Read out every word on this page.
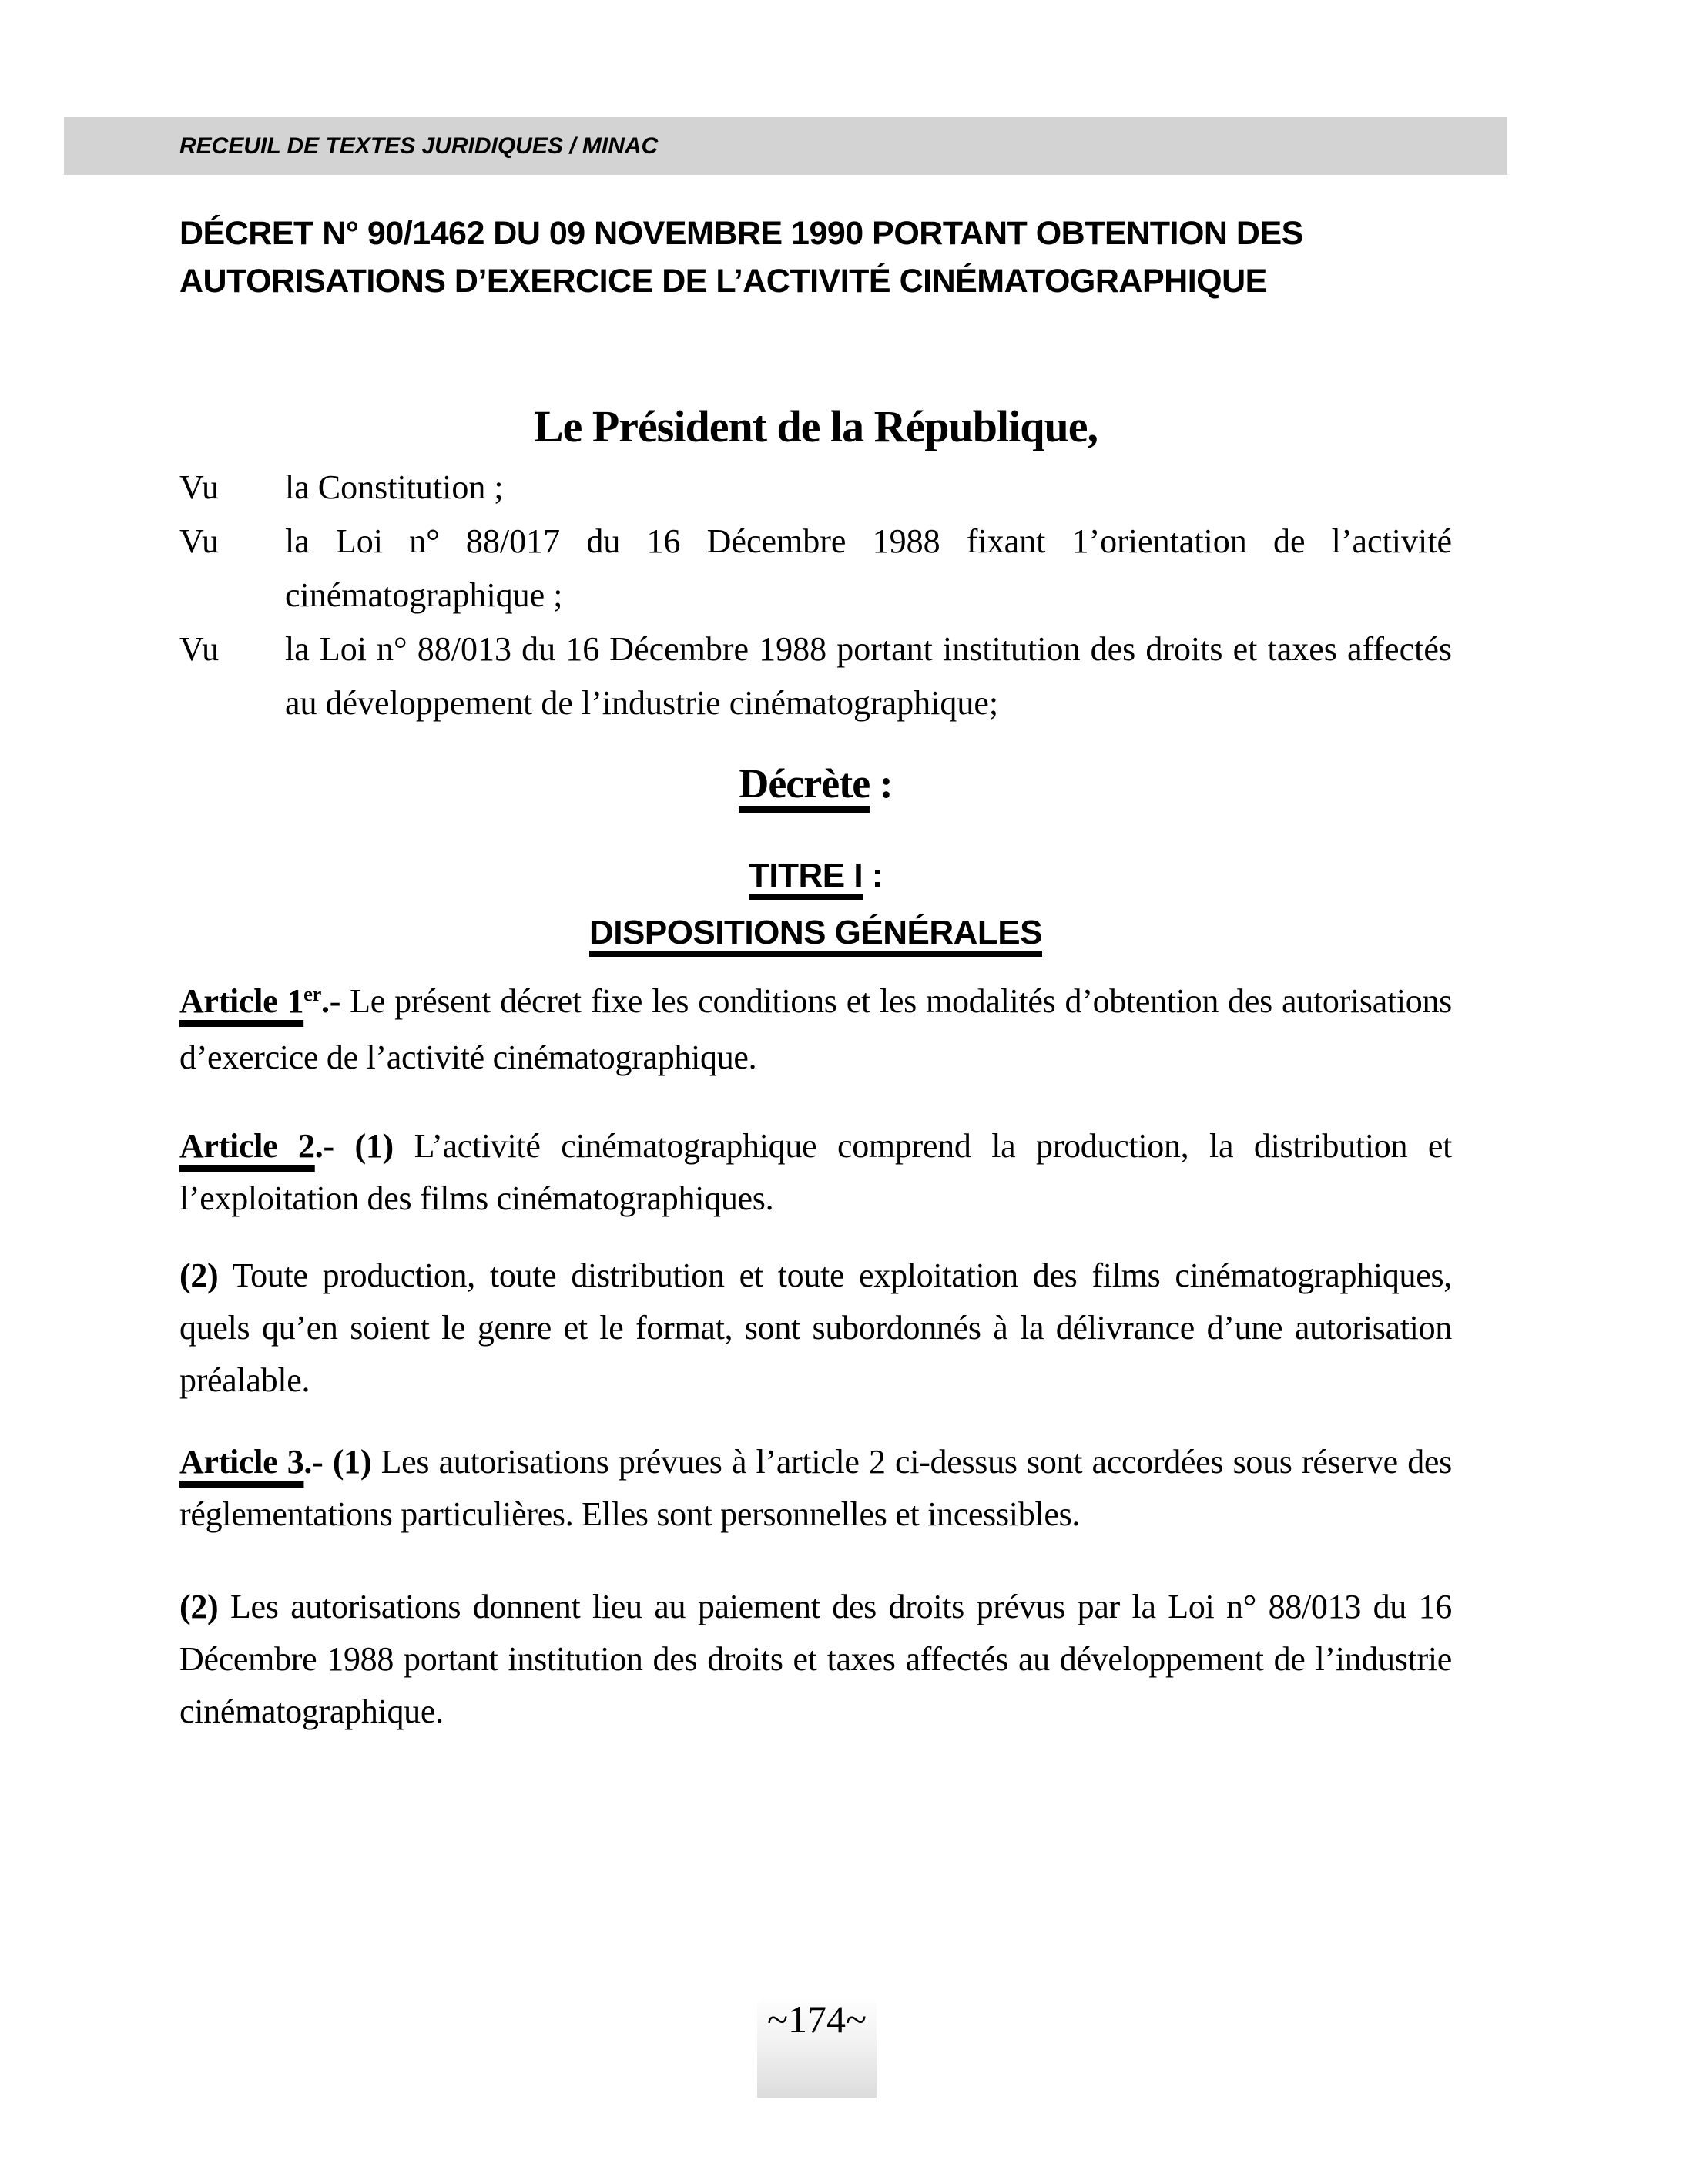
RECEUIL DE TEXTES JURIDIQUES / MINAC
DÉCRET N° 90/1462 DU 09 NOVEMBRE 1990 PORTANT OBTENTION DES
AUTORISATIONS D’EXERCICE DE L’ACTIVITÉ CINÉMATOGRAPHIQUE
Le Président de la République,
Vu	la Constitution ;
Vu	la Loi n° 88/017 du 16 Décembre 1988 fixant 1’orientation de l’activité cinématographique ;
Vu	la Loi n° 88/013 du 16 Décembre 1988 portant institution des droits et taxes affectés au développement de l’industrie cinématographique;
Décrète :
TITRE I :
DISPOSITIONS GÉNÉRALES
Article 1er.- Le présent décret fixe les conditions et les modalités d’obtention des autorisations d’exercice de l’activité cinématographique.
Article 2.- (1) L’activité cinématographique comprend la production, la distribution et l’exploitation des films cinématographiques.
(2) Toute production, toute distribution et toute exploitation des films cinématographiques, quels qu’en soient le genre et le format, sont subordonnés à la délivrance d’une autorisation préalable.
Article 3.- (1) Les autorisations prévues à l’article 2 ci-dessus sont accordées sous réserve des réglementations particulières. Elles sont personnelles et incessibles.
(2) Les autorisations donnent lieu au paiement des droits prévus par la Loi n° 88/013 du 16 Décembre 1988 portant institution des droits et taxes affectés au développement de l’industrie cinématographique.
~174~
